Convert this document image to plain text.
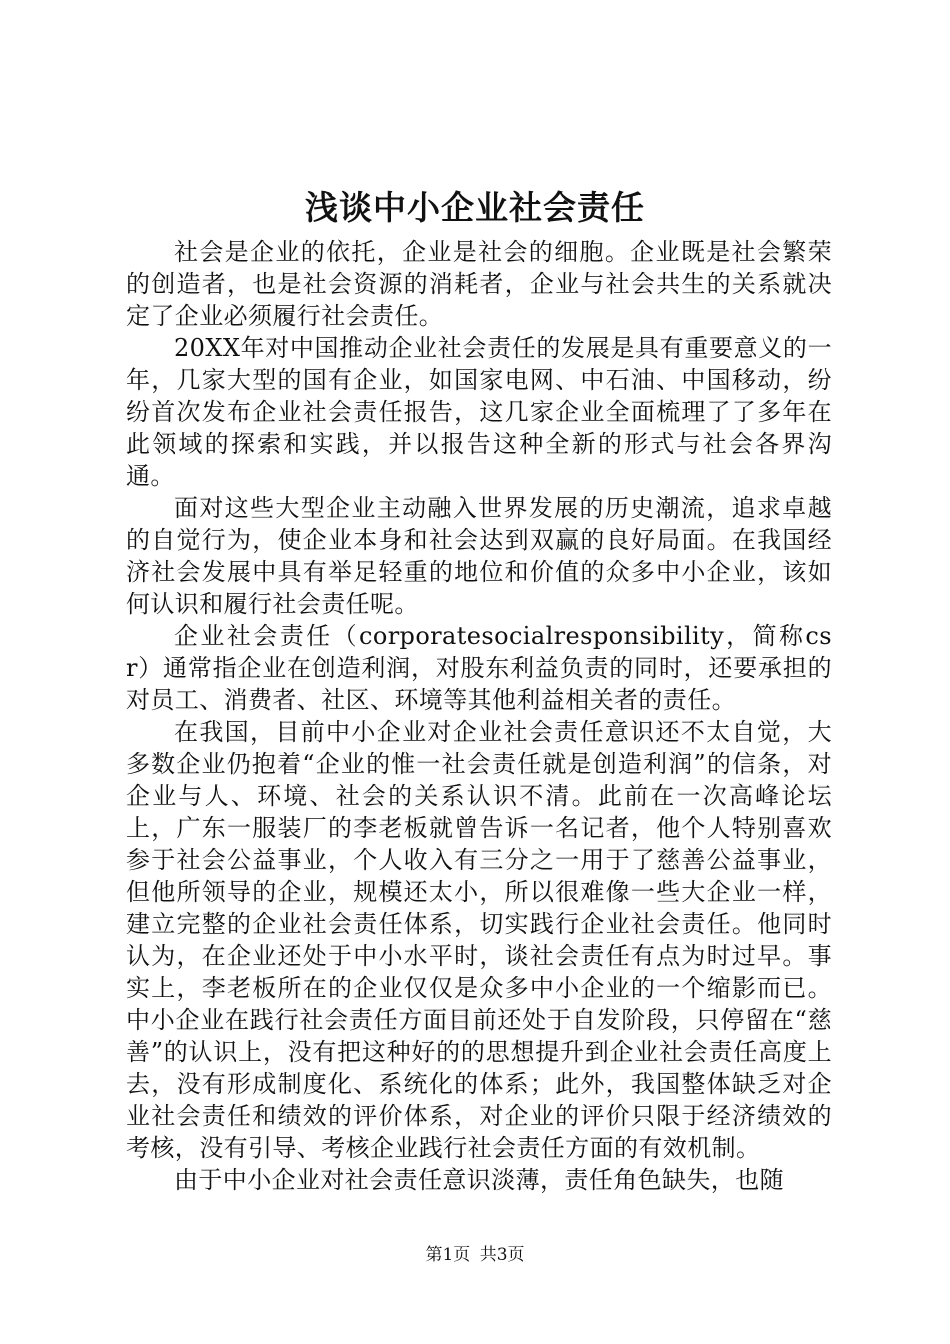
浅谈中小企业社会责任

社会是企业的依托，企业是社会的细胞。企业既是社会繁荣的创造者，也是社会资源的消耗者，企业与社会共生的关系就决定了企业必须履行社会责任。

20XX年对中国推动企业社会责任的发展是具有重要意义的一年，几家大型的国有企业，如国家电网、中石油、中国移动，纷纷首次发布企业社会责任报告，这几家企业全面梳理了了多年在此领域的探索和实践，并以报告这种全新的形式与社会各界沟通。

面对这些大型企业主动融入世界发展的历史潮流，追求卓越的自觉行为，使企业本身和社会达到双赢的良好局面。在我国经济社会发展中具有举足轻重的地位和价值的众多中小企业，该如何认识和履行社会责任呢。

企业社会责任（corporatesocialresponsibility，简称csr）通常指企业在创造利润，对股东利益负责的同时，还要承担的对员工、消费者、社区、环境等其他利益相关者的责任。

在我国，目前中小企业对企业社会责任意识还不太自觉，大多数企业仍抱着“企业的惟一社会责任就是创造利润”的信条，对企业与人、环境、社会的关系认识不清。此前在一次高峰论坛上，广东一服装厂的李老板就曾告诉一名记者，他个人特别喜欢参于社会公益事业，个人收入有三分之一用于了慈善公益事业，但他所领导的企业，规模还太小，所以很难像一些大企业一样，建立完整的企业社会责任体系，切实践行企业社会责任。他同时认为，在企业还处于中小水平时，谈社会责任有点为时过早。事实上，李老板所在的企业仅仅是众多中小企业的一个缩影而已。中小企业在践行社会责任方面目前还处于自发阶段，只停留在“慈善”的认识上，没有把这种好的的思想提升到企业社会责任高度上去，没有形成制度化、系统化的体系；此外，我国整体缺乏对企业社会责任和绩效的评价体系，对企业的评价只限于经济绩效的考核，没有引导、考核企业践行社会责任方面的有效机制。

由于中小企业对社会责任意识淡薄，责任角色缺失，也随

第1页 共3页
